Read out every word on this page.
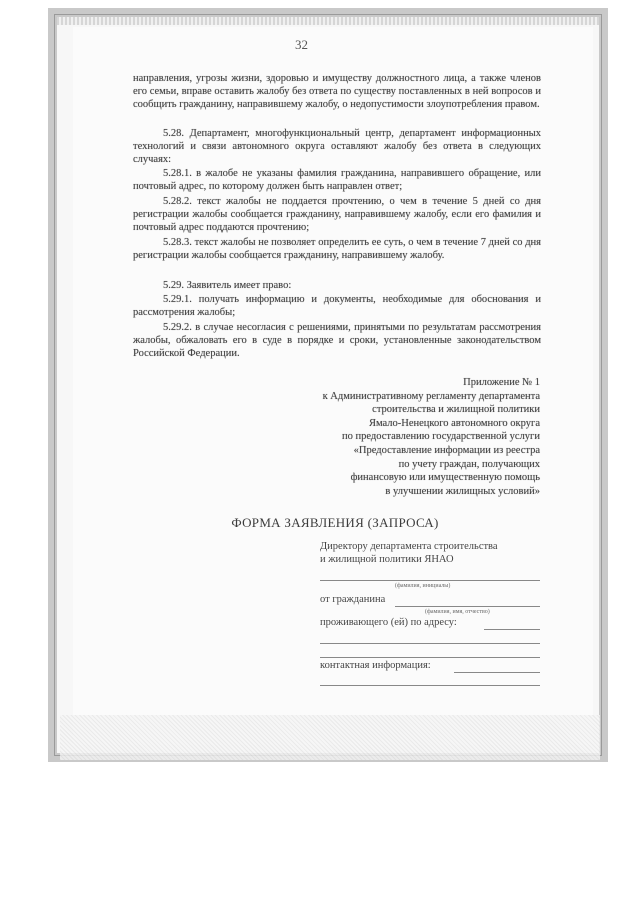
32
направления, угрозы жизни, здоровью и имуществу должностного лица, а также членов его семьи, вправе оставить жалобу без ответа по существу поставленных в ней вопросов и сообщить гражданину, направившему жалобу, о недопустимости злоупотребления правом.
5.28. Департамент, многофункциональный центр, департамент информационных технологий и связи автономного округа оставляют жалобу без ответа в следующих случаях:
5.28.1. в жалобе не указаны фамилия гражданина, направившего обращение, или почтовый адрес, по которому должен быть направлен ответ;
5.28.2. текст жалобы не поддается прочтению, о чем в течение 5 дней со дня регистрации жалобы сообщается гражданину, направившему жалобу, если его фамилия и почтовый адрес поддаются прочтению;
5.28.3. текст жалобы не позволяет определить ее суть, о чем в течение 7 дней со дня регистрации жалобы сообщается гражданину, направившему жалобу.
5.29. Заявитель имеет право:
5.29.1. получать информацию и документы, необходимые для обоснования и рассмотрения жалобы;
5.29.2. в случае несогласия с решениями, принятыми по результатам рассмотрения жалобы, обжаловать его в суде в порядке и сроки, установленные законодательством Российской Федерации.
Приложение № 1
к Административному регламенту департамента
строительства и жилищной политики
Ямало-Ненецкого автономного округа
по предоставлению государственной услуги
«Предоставление информации из реестра
по учету граждан, получающих
финансовую или имущественную помощь
в улучшении жилищных условий»
ФОРМА ЗАЯВЛЕНИЯ (ЗАПРОСА)
Директору департамента строительства
и жилищной политики ЯНАО
(фамилия, инициалы)
от гражданина
(фамилия, имя, отчество)
проживающего (ей) по адресу:
контактная информация:
